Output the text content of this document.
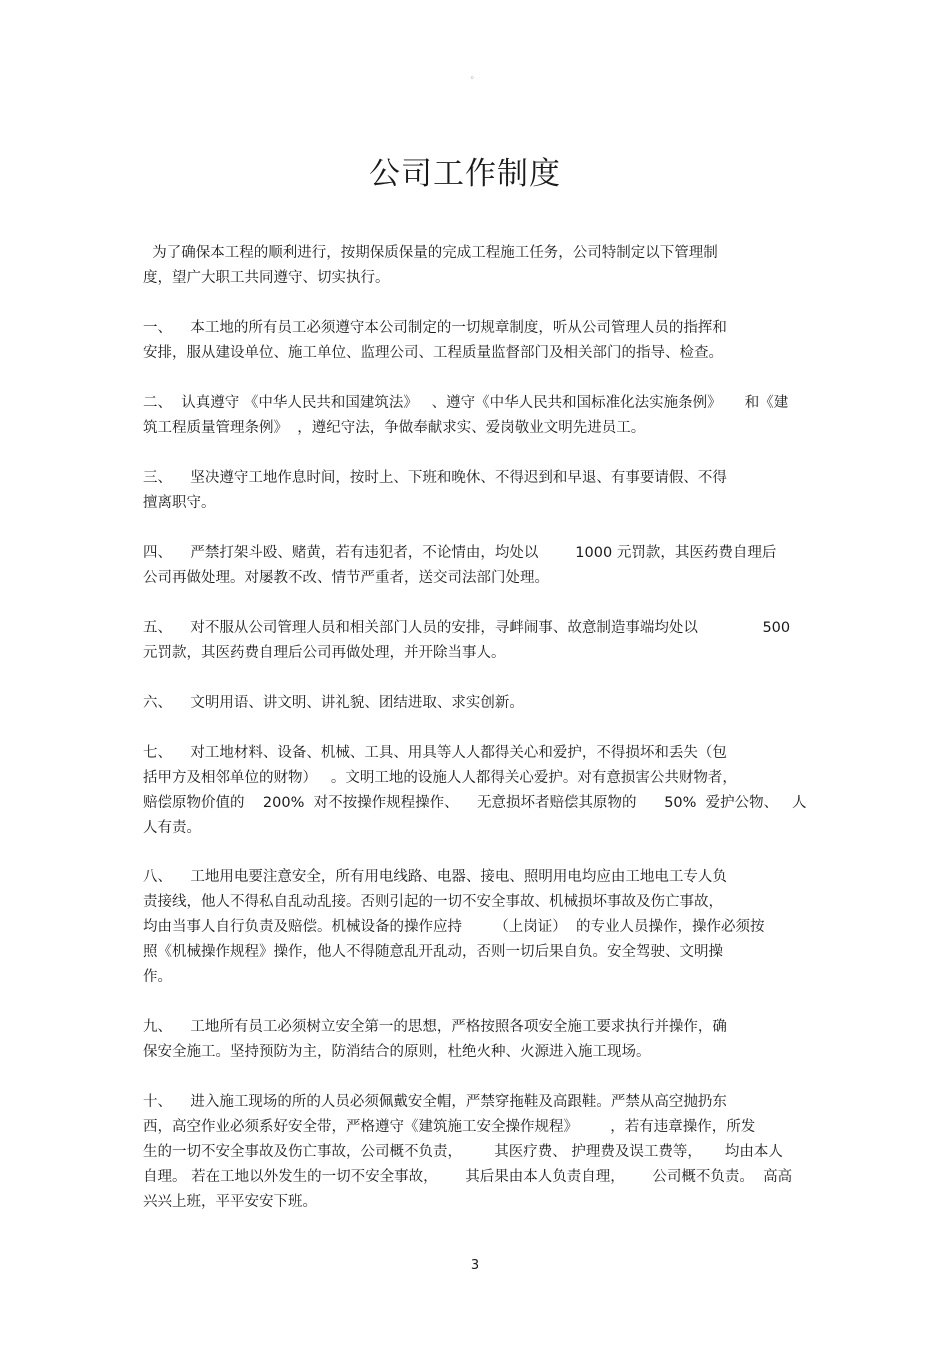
。
公司工作制度
为了确保本工程的顺利进行，按期保质保量的完成工程施工任务，公司特制定以下管理制
度，望广大职工共同遵守、切实执行。
一、    本工地的所有员工必须遵守本公司制定的一切规章制度，听从公司管理人员的指挥和
安排，服从建设单位、施工单位、监理公司、工程质量监督部门及相关部门的指导、检查。
二、  认真遵守 《中华人民共和国建筑法》   、遵守《中华人民共和国标准化法实施条例》     和《建
筑工程质量管理条例》  ，遵纪守法，争做奉献求实、爱岗敬业文明先进员工。
三、    坚决遵守工地作息时间，按时上、下班和晚休、不得迟到和早退、有事要请假、不得
擅离职守。
四、    严禁打架斗殴、赌黄，若有违犯者，不论情由，均处以        1000 元罚款，其医药费自理后
公司再做处理。对屡教不改、情节严重者，送交司法部门处理。
五、    对不服从公司管理人员和相关部门人员的安排，寻衅闹事、故意制造事端均处以              500
元罚款，其医药费自理后公司再做处理，并开除当事人。
六、    文明用语、讲文明、讲礼貌、团结进取、求实创新。
七、    对工地材料、设备、机械、工具、用具等人人都得关心和爱护，不得损坏和丢失（包
括甲方及相邻单位的财物）   。文明工地的设施人人都得关心爱护。对有意损害公共财物者，
赔偿原物价值的    200%  对不按操作规程操作、    无意损坏者赔偿其原物的      50%  爱护公物、   人
人有责。
八、    工地用电要注意安全，所有用电线路、电器、接电、照明用电均应由工地电工专人负
责接线，他人不得私自乱动乱接。否则引起的一切不安全事故、机械损坏事故及伤亡事故，
均由当事人自行负责及赔偿。机械设备的操作应持       （上岗证）  的专业人员操作，操作必须按
照《机械操作规程》操作，他人不得随意乱开乱动，否则一切后果自负。安全驾驶、文明操
作。
九、    工地所有员工必须树立安全第一的思想，严格按照各项安全施工要求执行并操作，确
保安全施工。坚持预防为主，防消结合的原则，杜绝火种、火源进入施工现场。
十、    进入施工现场的所的人员必须佩戴安全帽，严禁穿拖鞋及高跟鞋。严禁从高空抛扔东
西，高空作业必须系好安全带，严格遵守《建筑施工安全操作规程》       ，若有违章操作，所发
生的一切不安全事故及伤亡事故，公司概不负责，       其医疗费、 护理费及误工费等，     均由本人
自理。 若在工地以外发生的一切不安全事故，      其后果由本人负责自理，      公司概不负责。  高高
兴兴上班，平平安安下班。
3
